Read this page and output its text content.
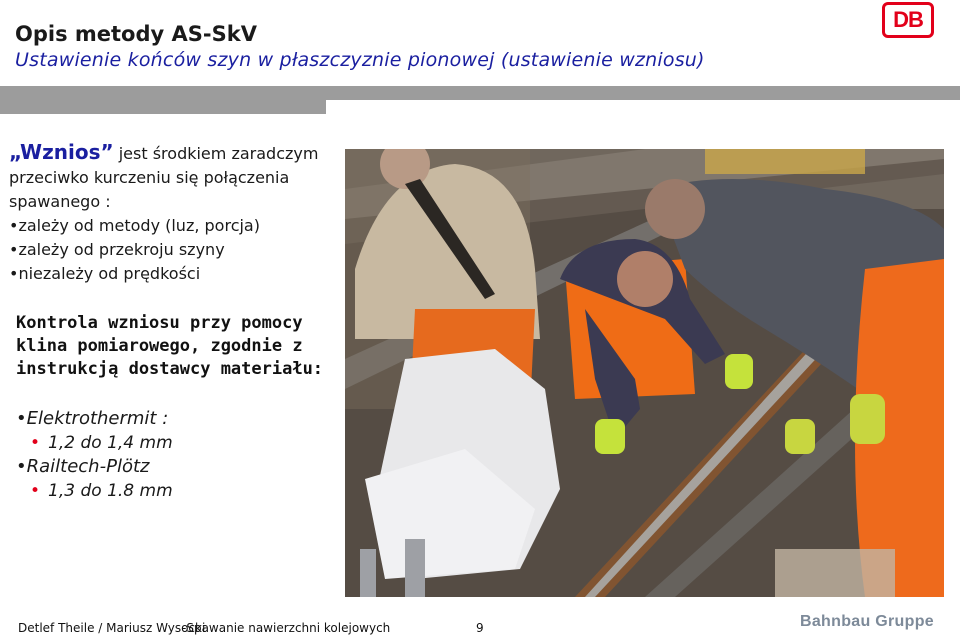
Opis metody AS-SkV
Ustawienie końców szyn w płaszczyznie pionowej (ustawienie wzniosu)
DB
„Wznios” jest środkiem zaradczym
przeciwko kurczeniu się połączenia
spawanego :
•zależy od metody (luz, porcja)
•zależy od przekroju szyny
•niezależy od prędkości
Kontrola wzniosu przy pomocy
klina pomiarowego, zgodnie z
instrukcją dostawcy materiału:
•Elektrothermit :
• 1,2 do 1,4 mm
•Railtech-Plötz
• 1,3 do 1.8 mm
Detlef Theile / Mariusz Wysocki
-Spawanie nawierzchni kolejowych	9	Bahnbau Gruppe
